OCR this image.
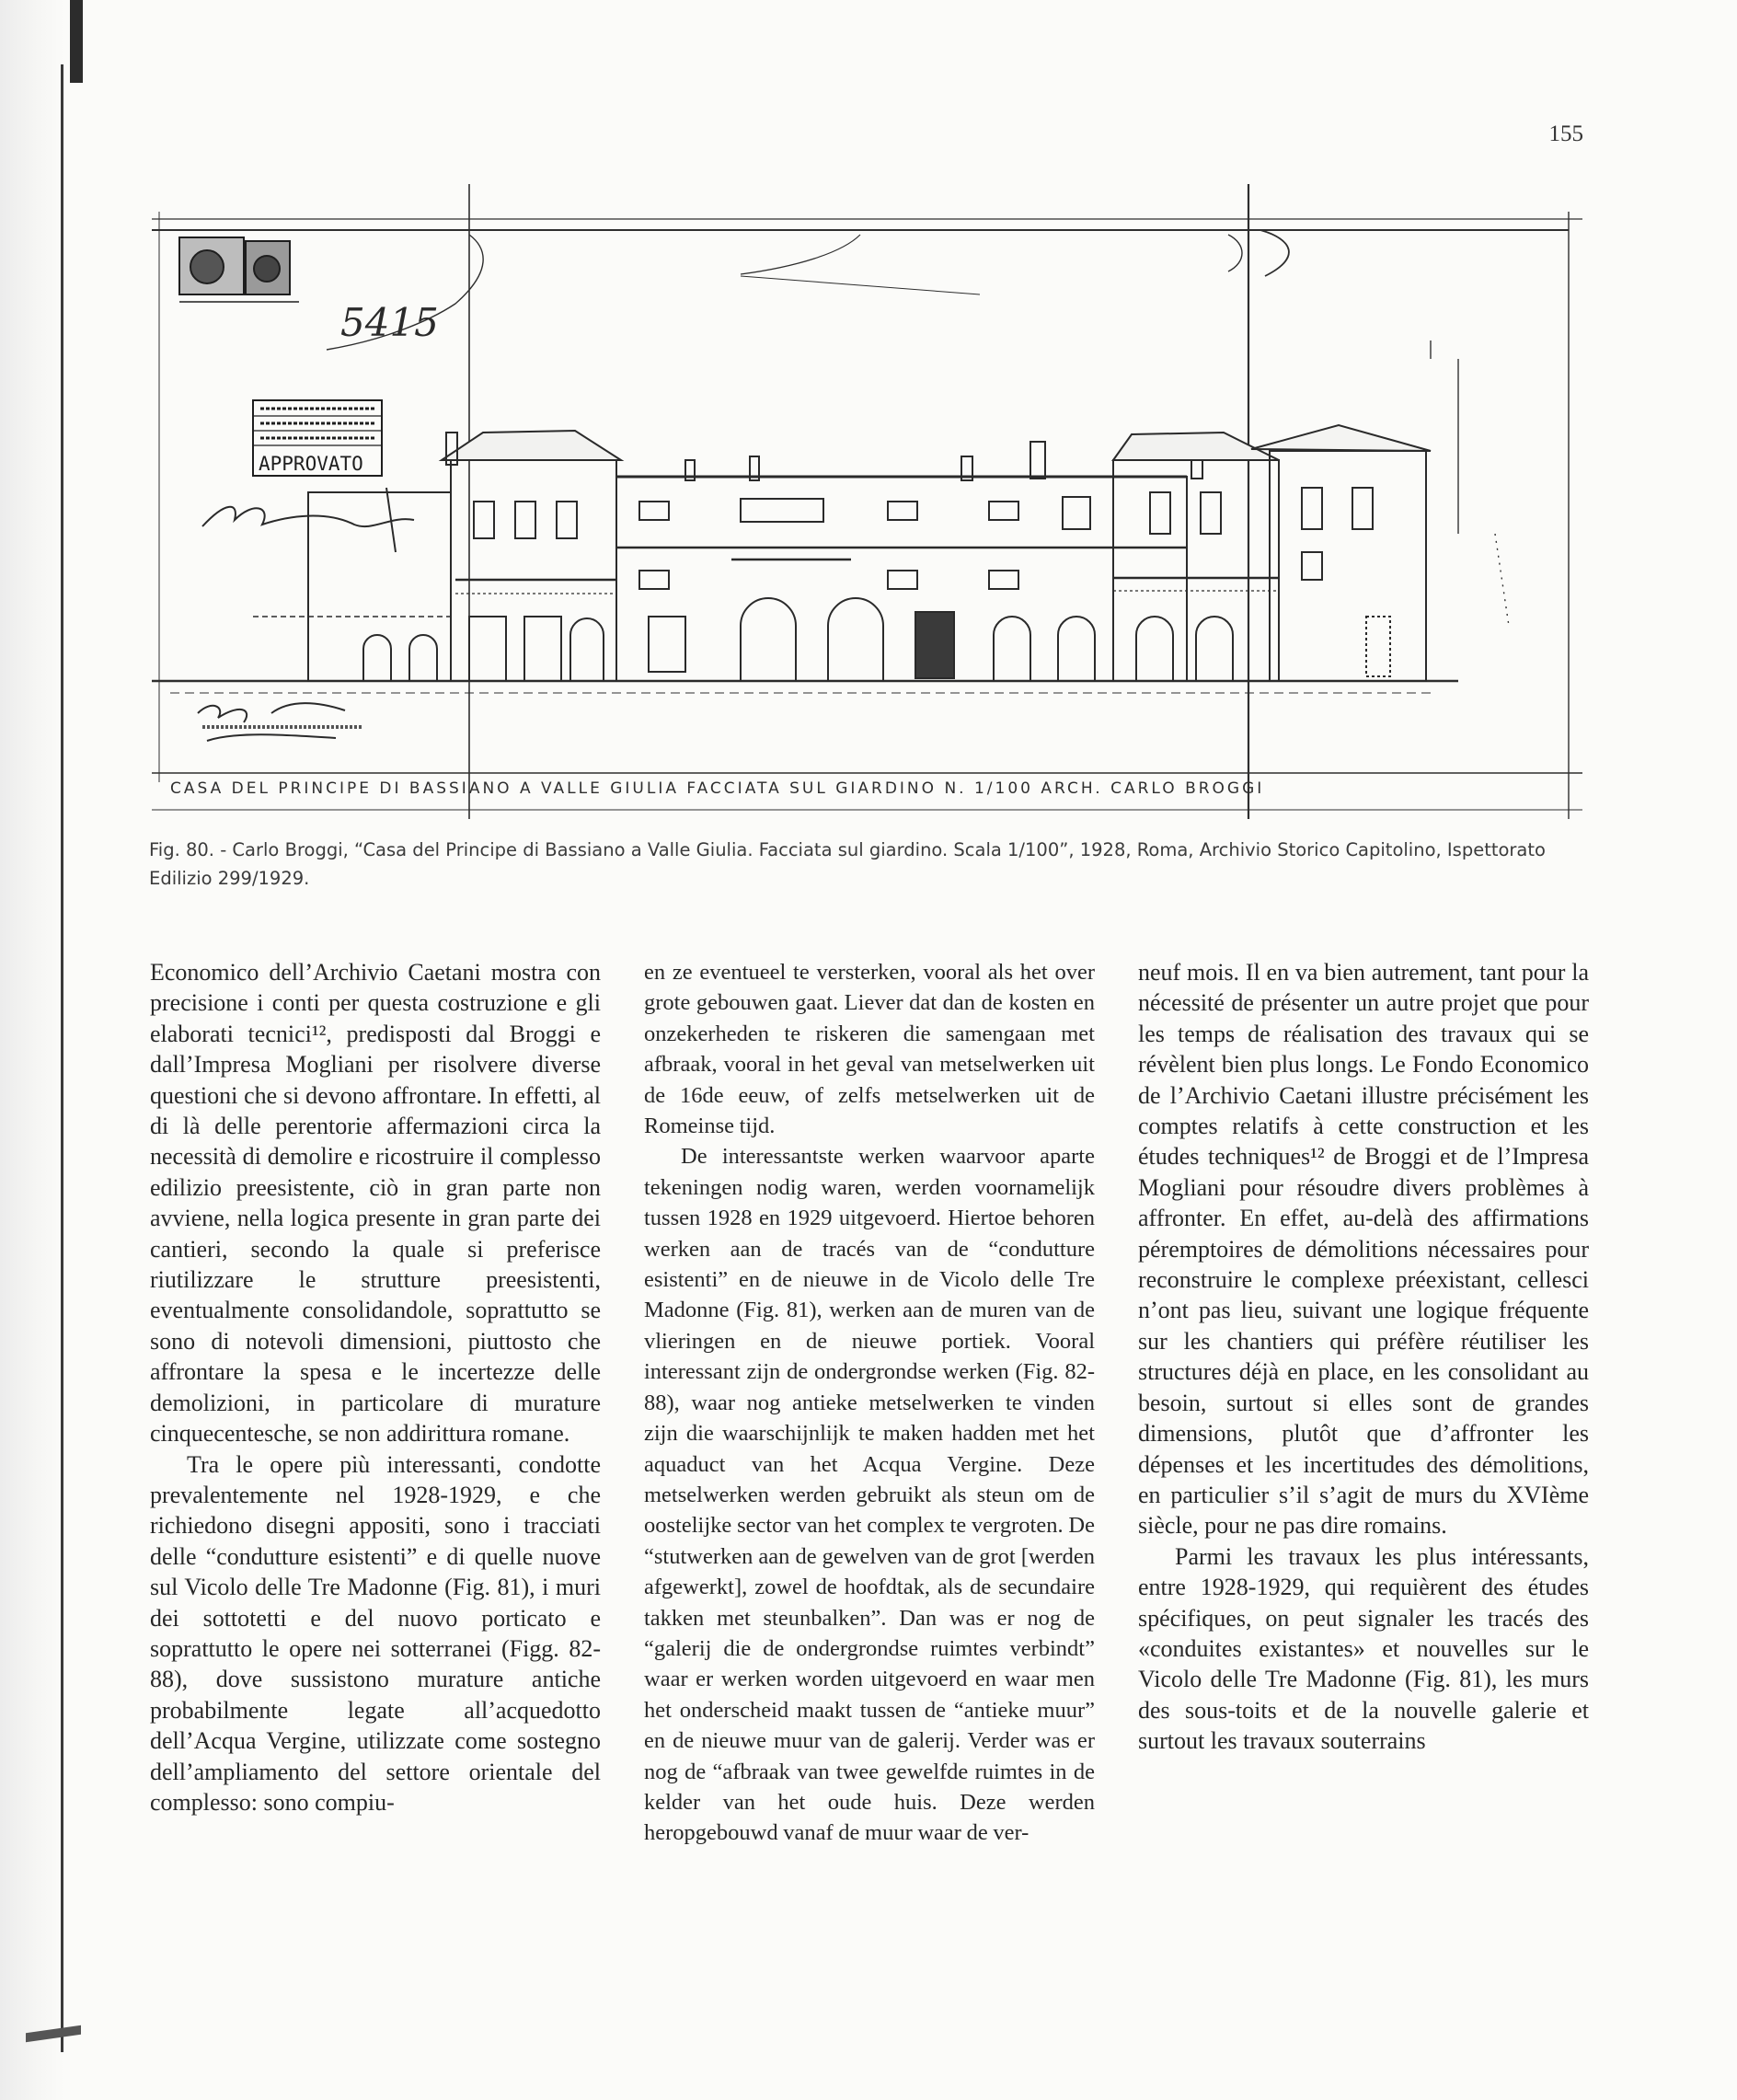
155
5415
APPROVATO
CASA DEL PRINCIPE DI BASSIANO A VALLE GIULIA FACCIATA SUL GIARDINO N. 1/100 ARCH. CARLO BROGGI
Fig. 80. - Carlo Broggi, “Casa del Principe di Bassiano a Valle Giulia. Facciata sul giardino. Scala 1/100”, 1928, Roma, Archivio Storico Capitolino, Ispettorato Edilizio 299/1929.

Economico dell’Archivio Caetani mostra con precisione i conti per questa costruzione e gli elaborati tecnici¹², predisposti dal Broggi e dall’Impresa Mogliani per risolvere diverse questioni che si devono affrontare. In effetti, al di là delle perentorie affermazioni circa la necessità di demolire e ricostruire il complesso edilizio preesistente, ciò in gran parte non avviene, nella logica presente in gran parte dei cantieri, secondo la quale si preferisce riutilizzare le strutture preesistenti, eventualmente consolidandole, soprattutto se sono di notevoli dimensioni, piuttosto che affrontare la spesa e le incertezze delle demolizioni, in particolare di murature cinquecentesche, se non addirittura romane.

Tra le opere più interessanti, condotte prevalentemente nel 1928-1929, e che richiedono disegni appositi, sono i tracciati delle “condutture esistenti” e di quelle nuove sul Vicolo delle Tre Madonne (Fig. 81), i muri dei sottotetti e del nuovo porticato e soprattutto le opere nei sotterranei (Figg. 82-88), dove sussistono murature antiche probabilmente legate all’acquedotto dell’Acqua Vergine, utilizzate come sostegno dell’ampliamento del settore orientale del complesso: sono compiu-

en ze eventueel te versterken, vooral als het over grote gebouwen gaat. Liever dat dan de kosten en onzekerheden te riskeren die samengaan met afbraak, vooral in het geval van metselwerken uit de 16de eeuw, of zelfs metselwerken uit de Romeinse tijd.

De interessantste werken waarvoor aparte tekeningen nodig waren, werden voornamelijk tussen 1928 en 1929 uitgevoerd. Hiertoe behoren werken aan de tracés van de “condutture esistenti” en de nieuwe in de Vicolo delle Tre Madonne (Fig. 81), werken aan de muren van de vlieringen en de nieuwe portiek. Vooral interessant zijn de ondergrondse werken (Fig. 82-88), waar nog antieke metselwerken te vinden zijn die waarschijnlijk te maken hadden met het aquaduct van het Acqua Vergine. Deze metselwerken werden gebruikt als steun om de oostelijke sector van het complex te vergroten. De “stutwerken aan de gewelven van de grot [werden afgewerkt], zowel de hoofdtak, als de secundaire takken met steunbalken”. Dan was er nog de “galerij die de ondergrondse ruimtes verbindt” waar er werken worden uitgevoerd en waar men het onderscheid maakt tussen de “antieke muur” en de nieuwe muur van de galerij. Verder was er nog de “afbraak van twee gewelfde ruimtes in de kelder van het oude huis. Deze werden heropgebouwd vanaf de muur waar de ver-

neuf mois. Il en va bien autrement, tant pour la nécessité de présenter un autre projet que pour les temps de réalisation des travaux qui se révèlent bien plus longs. Le Fondo Economico de l’Archivio Caetani illustre précisément les comptes relatifs à cette construction et les études techniques¹² de Broggi et de l’Impresa Mogliani pour résoudre divers problèmes à affronter. En effet, au-delà des affirmations péremptoires de démolitions nécessaires pour reconstruire le complexe préexistant, cellesci n’ont pas lieu, suivant une logique fréquente sur les chantiers qui préfère réutiliser les structures déjà en place, en les consolidant au besoin, surtout si elles sont de grandes dimensions, plutôt que d’affronter les dépenses et les incertitudes des démolitions, en particulier s’il s’agit de murs du XVIème siècle, pour ne pas dire romains.

Parmi les travaux les plus intéressants, entre 1928-1929, qui requièrent des études spécifiques, on peut signaler les tracés des «conduites existantes» et nouvelles sur le Vicolo delle Tre Madonne (Fig. 81), les murs des sous-toits et de la nouvelle galerie et surtout les travaux souterrains
